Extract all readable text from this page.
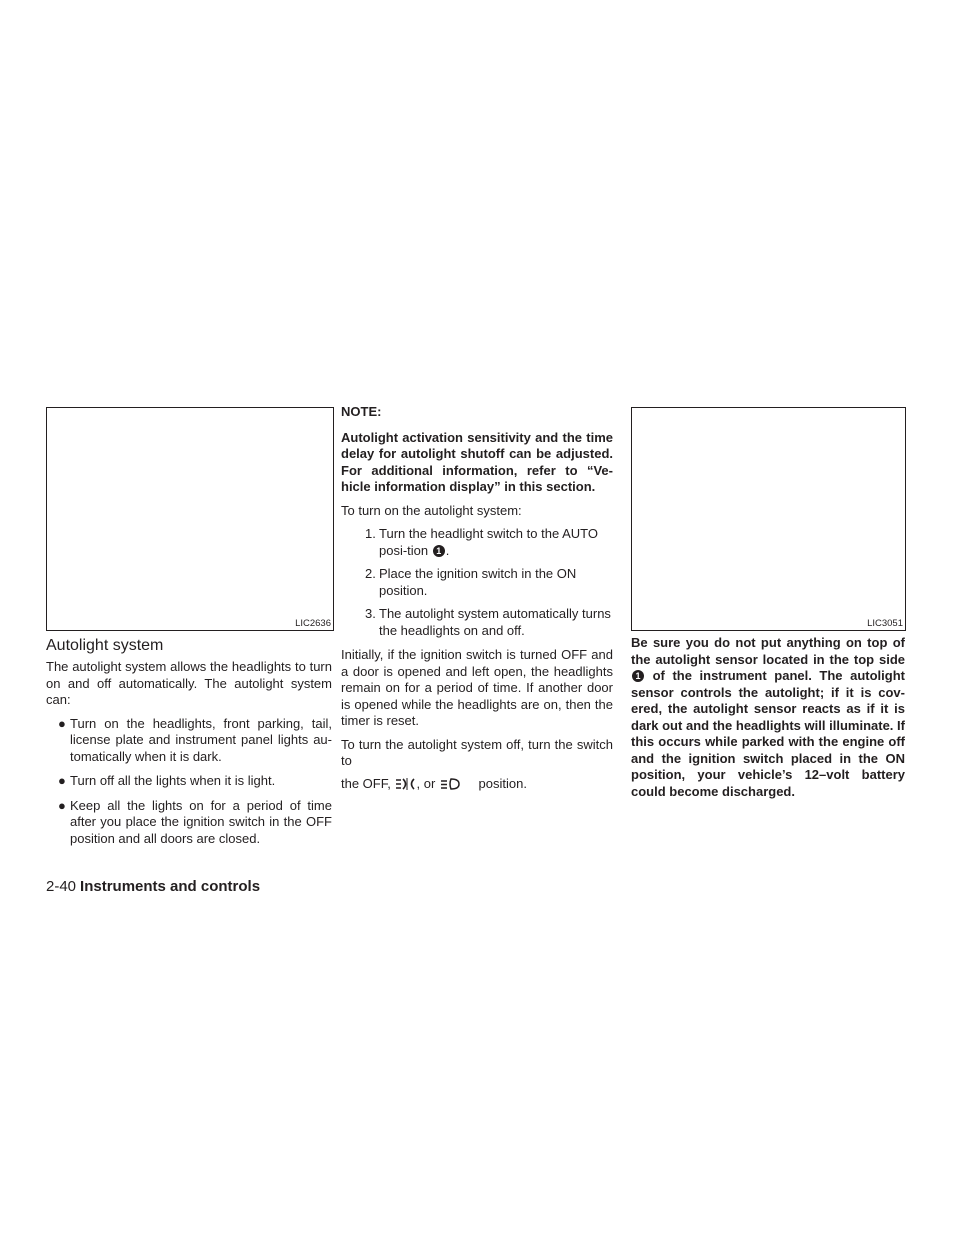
LIC2636
Autolight system

The autolight system allows the headlights to turn on and off automatically. The autolight system can:

● Turn on the headlights, front parking, tail, license plate and instrument panel lights au-tomatically when it is dark.
● Turn off all the lights when it is light.
● Keep all the lights on for a period of time after you place the ignition switch in the OFF position and all doors are closed.

NOTE:

Autolight activation sensitivity and the time delay for autolight shutoff can be adjusted. For additional information, refer to “Ve-hicle information display” in this section.

To turn on the autolight system:

1. Turn the headlight switch to the AUTO posi-tion 1 .
2. Place the ignition switch in the ON position.
3. The autolight system automatically turns the headlights on and off.

Initially, if the ignition switch is turned OFF and a door is opened and left open, the headlights remain on for a period of time. If another door is opened while the headlights are on, then the timer is reset.

To turn the autolight system off, turn the switch to

the OFF, , or	position.

LIC3051

Be sure you do not put anything on top of the autolight sensor located in the top side 1 of the instrument panel. The autolight sensor controls the autolight; if it is cov-ered, the autolight sensor reacts as if it is dark out and the headlights will illuminate. If this occurs while parked with the engine off and the ignition switch placed in the ON position, your vehicle’s 12–volt battery could become discharged.

2-40 Instruments and controls
